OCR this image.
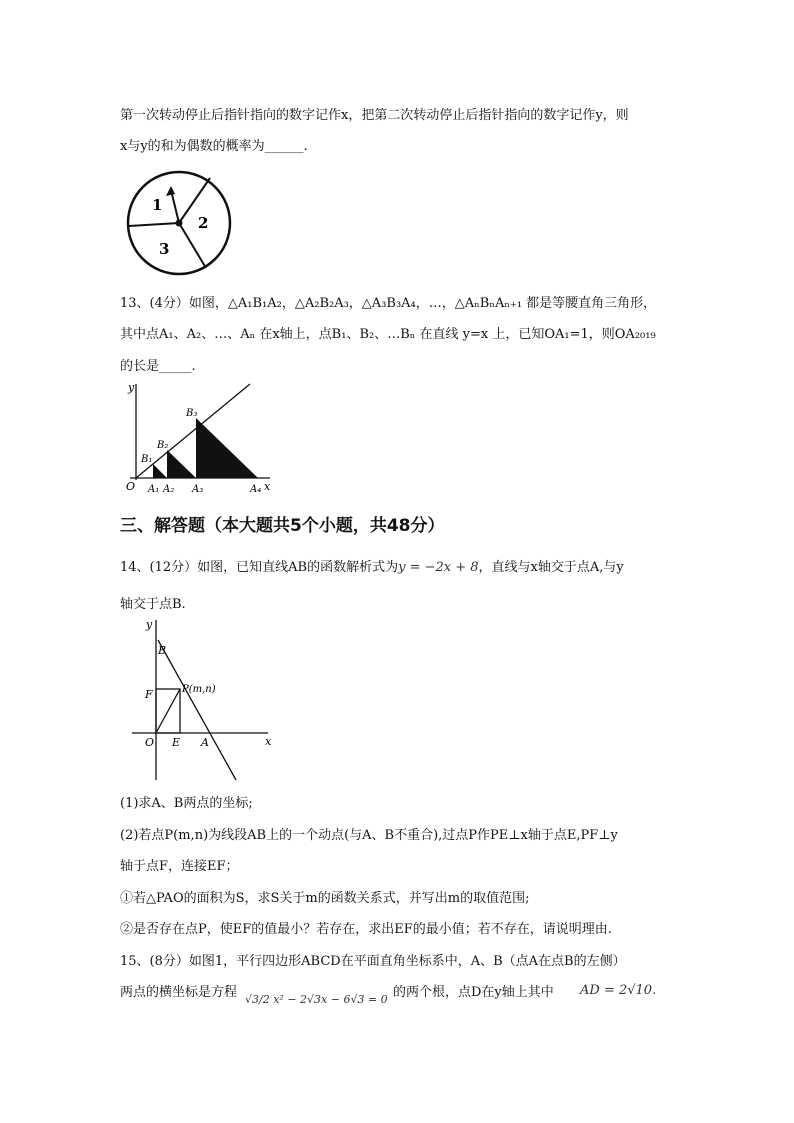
第一次转动停止后指针指向的数字记作x，把第二次转动停止后指针指向的数字记作y，则
x与y的和为偶数的概率为______.
1
2
3
13、(4分）如图，△A₁B₁A₂，△A₂B₂A₃，△A₃B₃A₄，…，△AₙBₙAₙ₊₁ 都是等腰直角三角形，
其中点A₁、A₂、…、Aₙ 在x轴上，点B₁、B₂、…Bₙ 在直线 y=x 上，已知OA₁=1，则OA₂₀₁₉
的长是_____.
y
x
O
B₁
B₂
B₃
A₁ A₂ A₃	A₄
三、解答题（本大题共5个小题，共48分）
14、(12分）如图，已知直线AB的函数解析式为y = −2x + 8，直线与x轴交于点A,与y
轴交于点B.
y
x
B
F	P(m,n)
O E A
(1)求A、B两点的坐标;
(2)若点P(m,n)为线段AB上的一个动点(与A、B不重合),过点P作PE⊥x轴于点E,PF⊥y
轴于点F，连接EF；
①若△PAO的面积为S，求S关于m的函数关系式，并写出m的取值范围;
②是否存在点P，使EF的值最小？若存在，求出EF的最小值；若不存在，请说明理由.
15、(8分）如图1，平行四边形ABCD在平面直角坐标系中，A、B（点A在点B的左侧）
两点的横坐标是方程 √3/2 x² − 2√3x − 6√3 = 0 的两个根，点D在y轴上其中 AD = 2√10.
